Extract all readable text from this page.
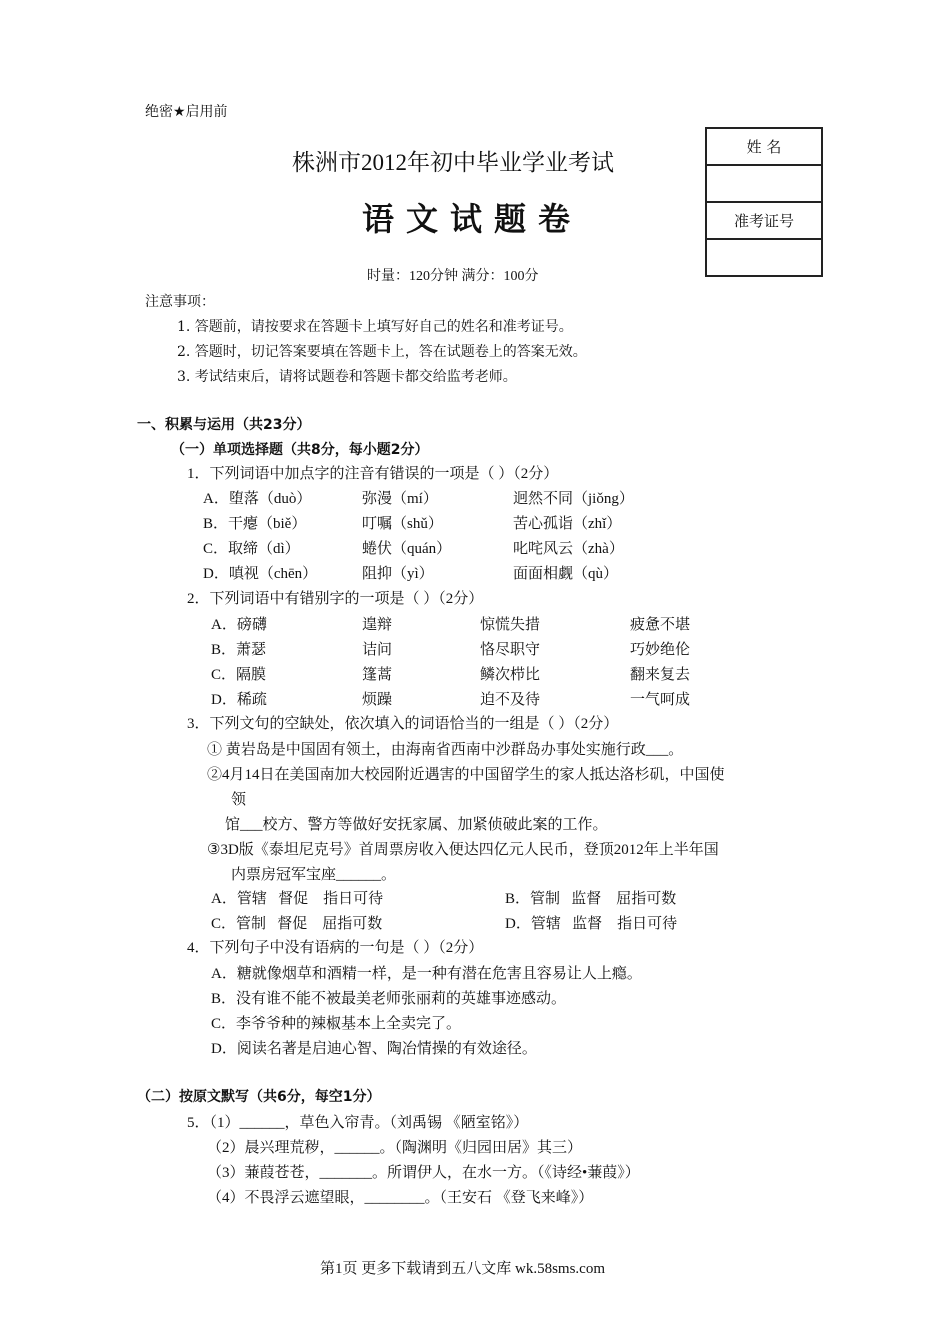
绝密★启用前
姓 名

准考证号

株洲市2012年初中毕业学业考试
语 文 试 题 卷
时量：120分钟 满分：100分
注意事项：
1. 答题前，请按要求在答题卡上填写好自己的姓名和准考证号。
2. 答题时，切记答案要填在答题卡上，答在试题卷上的答案无效。
3. 考试结束后，请将试题卷和答题卡都交给监考老师。
一、积累与运用（共23分）
（一）单项选择题（共8分，每小题2分）
1．下列词语中加点字的注音有错误的一项是（ ）（2分）
A．堕落（duò）	弥漫（mí）	迥然不同（jiǒng）
B．干瘪（biě）	叮嘱（shǔ）	苦心孤诣（zhǐ）
C．取缔（dì）	蜷伏（quán）	叱咤风云（zhà）
D．嗔视（chēn）	阻抑（yì）	面面相觑（qù）
2．下列词语中有错别字的一项是（ ）（2分）
A．磅礴	遑辩	惊慌失措	疲惫不堪
B．萧瑟	诘问	恪尽职守	巧妙绝伦
C．隔膜	篷蒿	鳞次栉比	翻来复去
D．稀疏	烦躁	迫不及待	一气呵成
3．下列文句的空缺处，依次填入的词语恰当的一组是（ ）（2分）
① 黄岩岛是中国固有领土，由海南省西南中沙群岛办事处实施行政___。
②4月14日在美国南加大校园附近遇害的中国留学生的家人抵达洛杉矶，中国使
领
馆___校方、警方等做好安抚家属、加紧侦破此案的工作。
③3D版《泰坦尼克号》首周票房收入便达四亿元人民币，登顶2012年上半年国
内票房冠军宝座______。
A．管辖   督促    指日可待	B．管制   监督    屈指可数
C．管制   督促    屈指可数	D．管辖   监督    指日可待
4．下列句子中没有语病的一句是（ ）（2分）
A．糖就像烟草和酒精一样，是一种有潜在危害且容易让人上瘾。
B．没有谁不能不被最美老师张丽莉的英雄事迹感动。
C．李爷爷种的辣椒基本上全卖完了。
D．阅读名著是启迪心智、陶冶情操的有效途径。
（二）按原文默写（共6分，每空1分）
5．（1）______，草色入帘青。（刘禹锡 《陋室铭》）
（2）晨兴理荒秽，______。（陶渊明《归园田居》其三）
（3）蒹葭苍苍，_______。所谓伊人，在水一方。（《诗经•蒹葭》）
（4）不畏浮云遮望眼，________。（王安石 《登飞来峰》）
第1页 更多下载请到五八文库 wk.58sms.com
